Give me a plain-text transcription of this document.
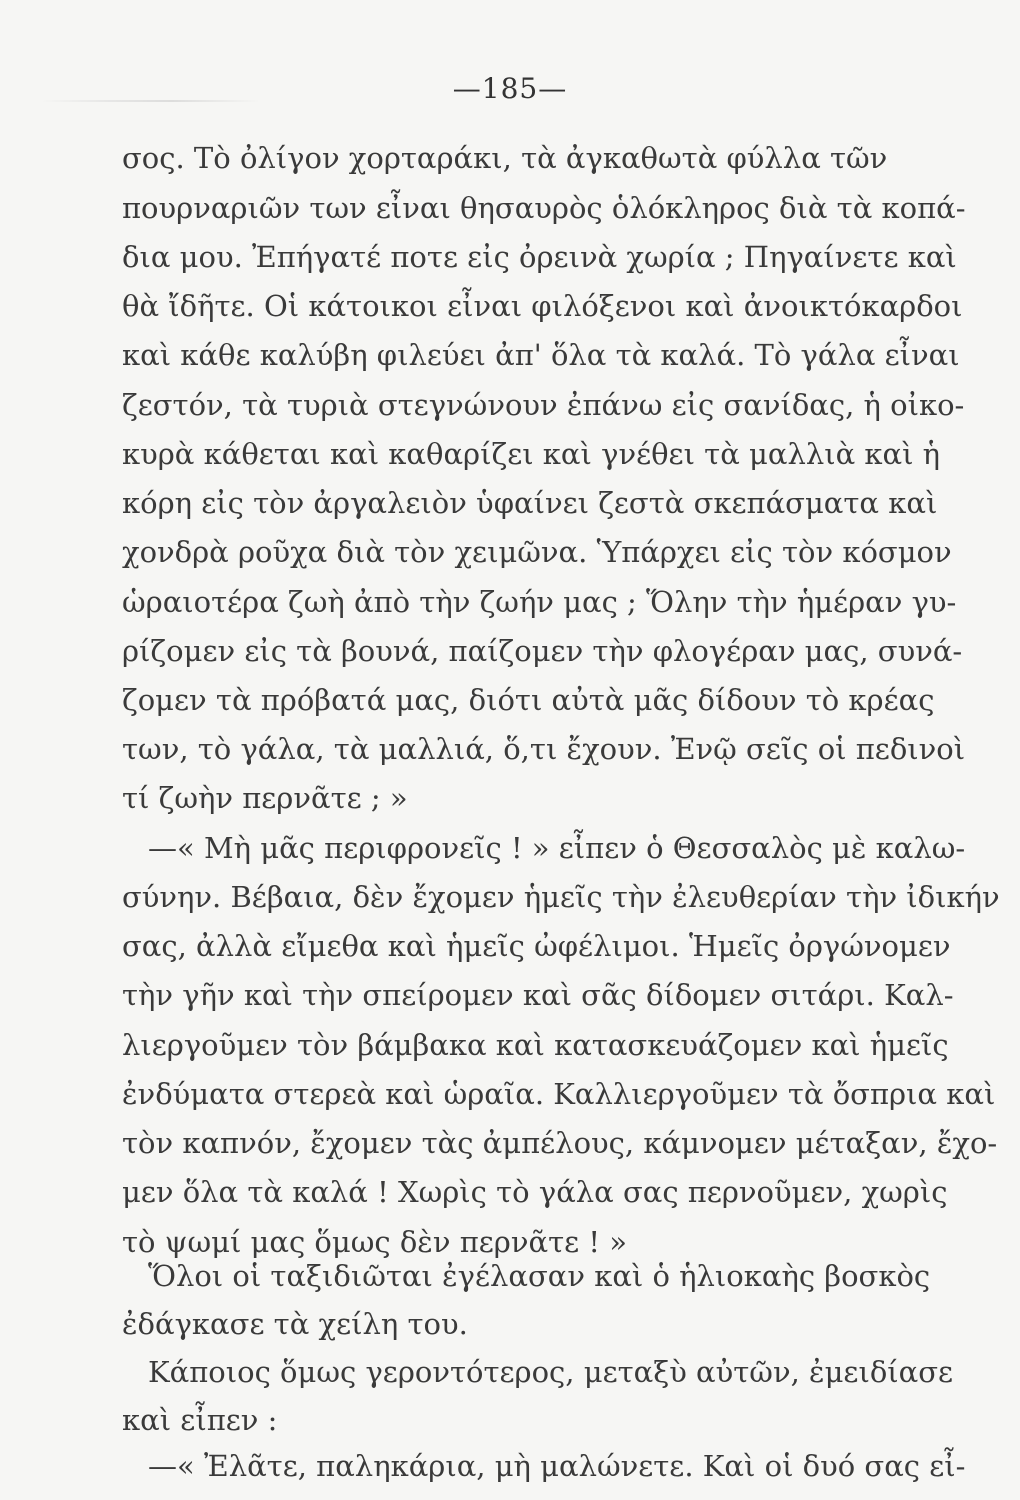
—185—
σος. Τὸ ὀλίγον χορταράκι, τὰ ἀγκαθωτὰ φύλλα τῶν
πουρναριῶν των εἶναι θησαυρὸς ὁλόκληρος διὰ τὰ κοπά-
δια μου. Ἐπήγατέ ποτε εἰς ὀρεινὰ χωρία ; Πηγαίνετε καὶ
θὰ ἴδῆτε. Οἱ κάτοικοι εἶναι φιλόξενοι καὶ ἀνοικτόκαρδοι
καὶ κάθε καλύβη φιλεύει ἀπ' ὅλα τὰ καλά. Τὸ γάλα εἶναι
ζεστόν, τὰ τυριὰ στεγνώνουν ἐπάνω εἰς σανίδας, ἡ οἰκο-
κυρὰ κάθεται καὶ καθαρίζει καὶ γνέθει τὰ μαλλιὰ καὶ ἡ
κόρη εἰς τὸν ἀργαλειὸν ὑφαίνει ζεστὰ σκεπάσματα καὶ
χονδρὰ ροῦχα διὰ τὸν χειμῶνα. Ὑπάρχει εἰς τὸν κόσμον
ὡραιοτέρα ζωὴ ἀπὸ τὴν ζωήν μας ; Ὅλην τὴν ἡμέραν γυ-
ρίζομεν εἰς τὰ βουνά, παίζομεν τὴν φλογέραν μας, συνά-
ζομεν τὰ πρόβατά μας, διότι αὐτὰ μᾶς δίδουν τὸ κρέας
των, τὸ γάλα, τὰ μαλλιά, ὅ,τι ἔχουν. Ἐνῷ σεῖς οἱ πεδινοὶ
τί ζωὴν περνᾶτε ; »
—« Μὴ μᾶς περιφρονεῖς ! » εἶπεν ὁ Θεσσαλὸς μὲ καλω-
σύνην. Βέβαια, δὲν ἔχομεν ἡμεῖς τὴν ἐλευθερίαν τὴν ἰδικήν
σας, ἀλλὰ εἴμεθα καὶ ἡμεῖς ὠφέλιμοι. Ἡμεῖς ὀργώνομεν
τὴν γῆν καὶ τὴν σπείρομεν καὶ σᾶς δίδομεν σιτάρι. Καλ-
λιεργοῦμεν τὸν βάμβακα καὶ κατασκευάζομεν καὶ ἡμεῖς
ἐνδύματα στερεὰ καὶ ὡραῖα. Καλλιεργοῦμεν τὰ ὄσπρια καὶ
τὸν καπνόν, ἔχομεν τὰς ἀμπέλους, κάμνομεν μέταξαν, ἔχο-
μεν ὅλα τὰ καλά ! Χωρὶς τὸ γάλα σας περνοῦμεν, χωρὶς
τὸ ψωμί μας ὅμως δὲν περνᾶτε ! »
Ὅλοι οἱ ταξιδιῶται ἐγέλασαν καὶ ὁ ἡλιοκαὴς βοσκὸς
ἐδάγκασε τὰ χείλη του.
Κάποιος ὅμως γεροντότερος, μεταξὺ αὐτῶν, ἐμειδίασε
καὶ εἶπεν :
—« Ἐλᾶτε, παληκάρια, μὴ μαλώνετε. Καὶ οἱ δυό σας εἶ-
